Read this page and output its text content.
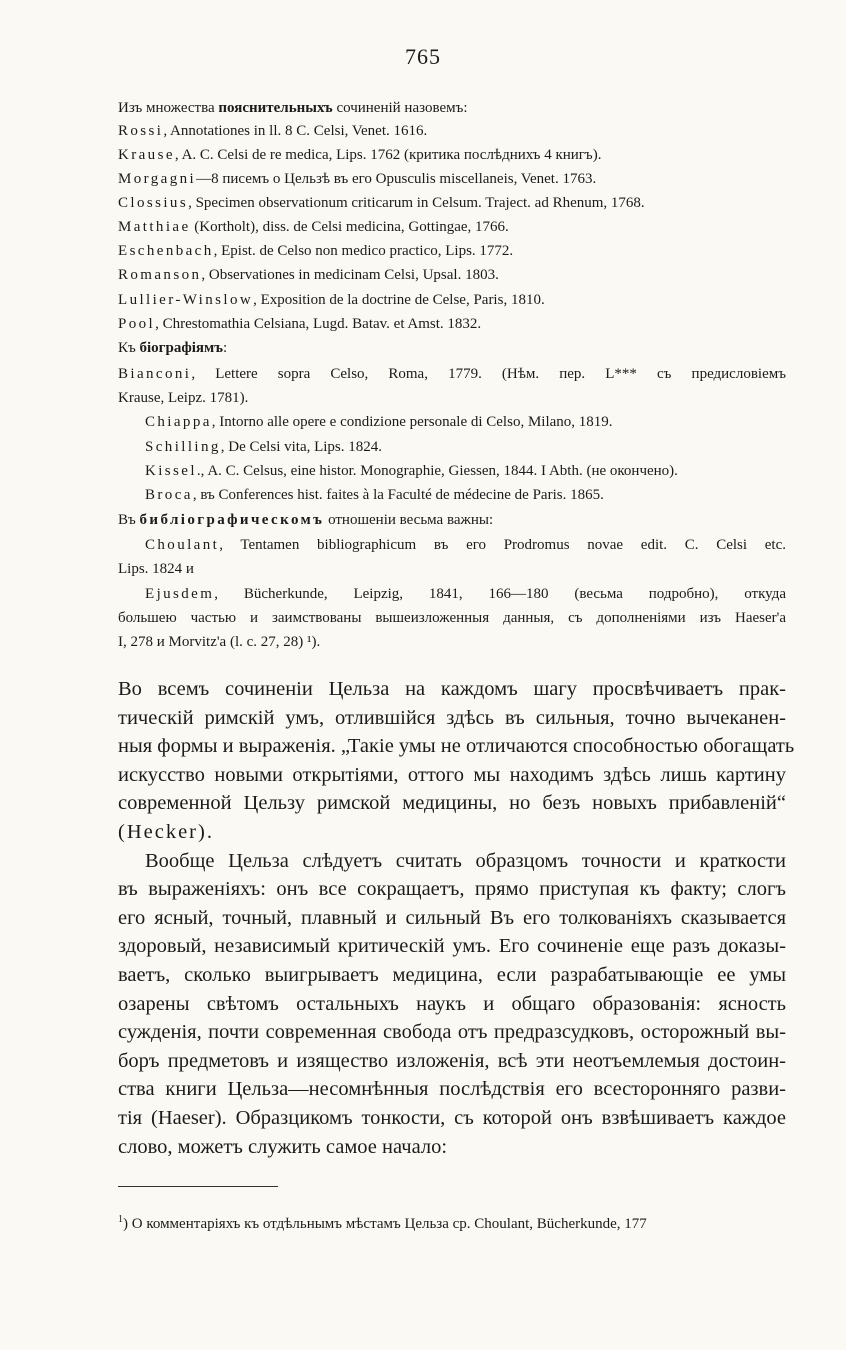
765
Изъ множества пояснительныхъ сочиненій назовемъ:
Rossi, Annotationes in ll. 8 C. Celsi, Venet. 1616.
Krause, A. C. Celsi de re medica, Lips. 1762 (критика послѣднихъ 4 книгъ).
Morgagni—8 писемъ о Цельзѣ въ его Opusculis miscellaneis, Venet. 1763.
Clossius, Specimen observationum criticarum in Celsum. Traject. ad Rhenum, 1768.
Matthiae (Kortholt), diss. de Celsi medicina, Gottingae, 1766.
Eschenbach, Epist. de Celso non medico practico, Lips. 1772.
Romanson, Observationes in medicinam Celsi, Upsal. 1803.
Lullier-Winslow, Exposition de la doctrine de Celse, Paris, 1810.
Pool, Chrestomathia Celsiana, Lugd. Batav. et Amst. 1832.
Къ біографіямъ:
Bianconi, Lettere sopra Celso, Roma, 1779. (Нѣм. пер. L*** съ предисловіемъ
Krause, Leipz. 1781).
Chiappa, Intorno alle opere e condizione personale di Celso, Milano, 1819.
Schilling, De Celsi vita, Lips. 1824.
Kissel., A. C. Celsus, eine histor. Monographie, Giessen, 1844. I Abth. (не окончено).
Broca, въ Conferences hist. faites à la Faculté de médecine de Paris. 1865.
Въ библіографическомъ отношеніи весьма важны:
Choulant, Tentamen bibliographicum въ его Prodromus novae edit. C. Celsi etc.
Lips. 1824 и
Ejusdem, Bücherkunde, Leipzig, 1841, 166—180 (весьма подробно), откуда
большею частью и заимствованы вышеизложенныя данныя, съ дополненіями изъ Haeser'a
I, 278 и Morvitz'a (l. c. 27, 28) ¹).
Во всемъ сочиненіи Цельза на каждомъ шагу просвѣчиваетъ прак-
тическій римскій умъ, отлившійся здѣсь въ сильныя, точно вычеканен-
ныя формы и выраженія. „Такіе умы не отличаются способностью обогащать
искусство новыми открытіями, оттого мы находимъ здѣсь лишь картину
современной Цельзу римской медицины, но безъ новыхъ прибавленій“
(Hecker).
Вообще Цельза слѣдуетъ считать образцомъ точности и краткости
въ выраженіяхъ: онъ все сокращаетъ, прямо приступая къ факту; слогъ
его ясный, точный, плавный и сильный Въ его толкованіяхъ сказывается
здоровый, независимый критическій умъ. Его сочиненіе еще разъ доказы-
ваетъ, сколько выигрываетъ медицина, если разрабатывающіе ее умы
озарены свѣтомъ остальныхъ наукъ и общаго образованія: ясность
сужденія, почти современная свобода отъ предразсудковъ, осторожный вы-
боръ предметовъ и изящество изложенія, всѣ эти неотъемлемыя достоин-
ства книги Цельза—несомнѣнныя послѣдствія его всесторонняго разви-
тія (Haeser). Образцикомъ тонкости, съ которой онъ взвѣшиваетъ каждое
слово, можетъ служить самое начало:
$^1$) О комментаріяхъ къ отдѣльнымъ мѣстамъ Цельза ср. Choulant, Bücherkunde, 177
